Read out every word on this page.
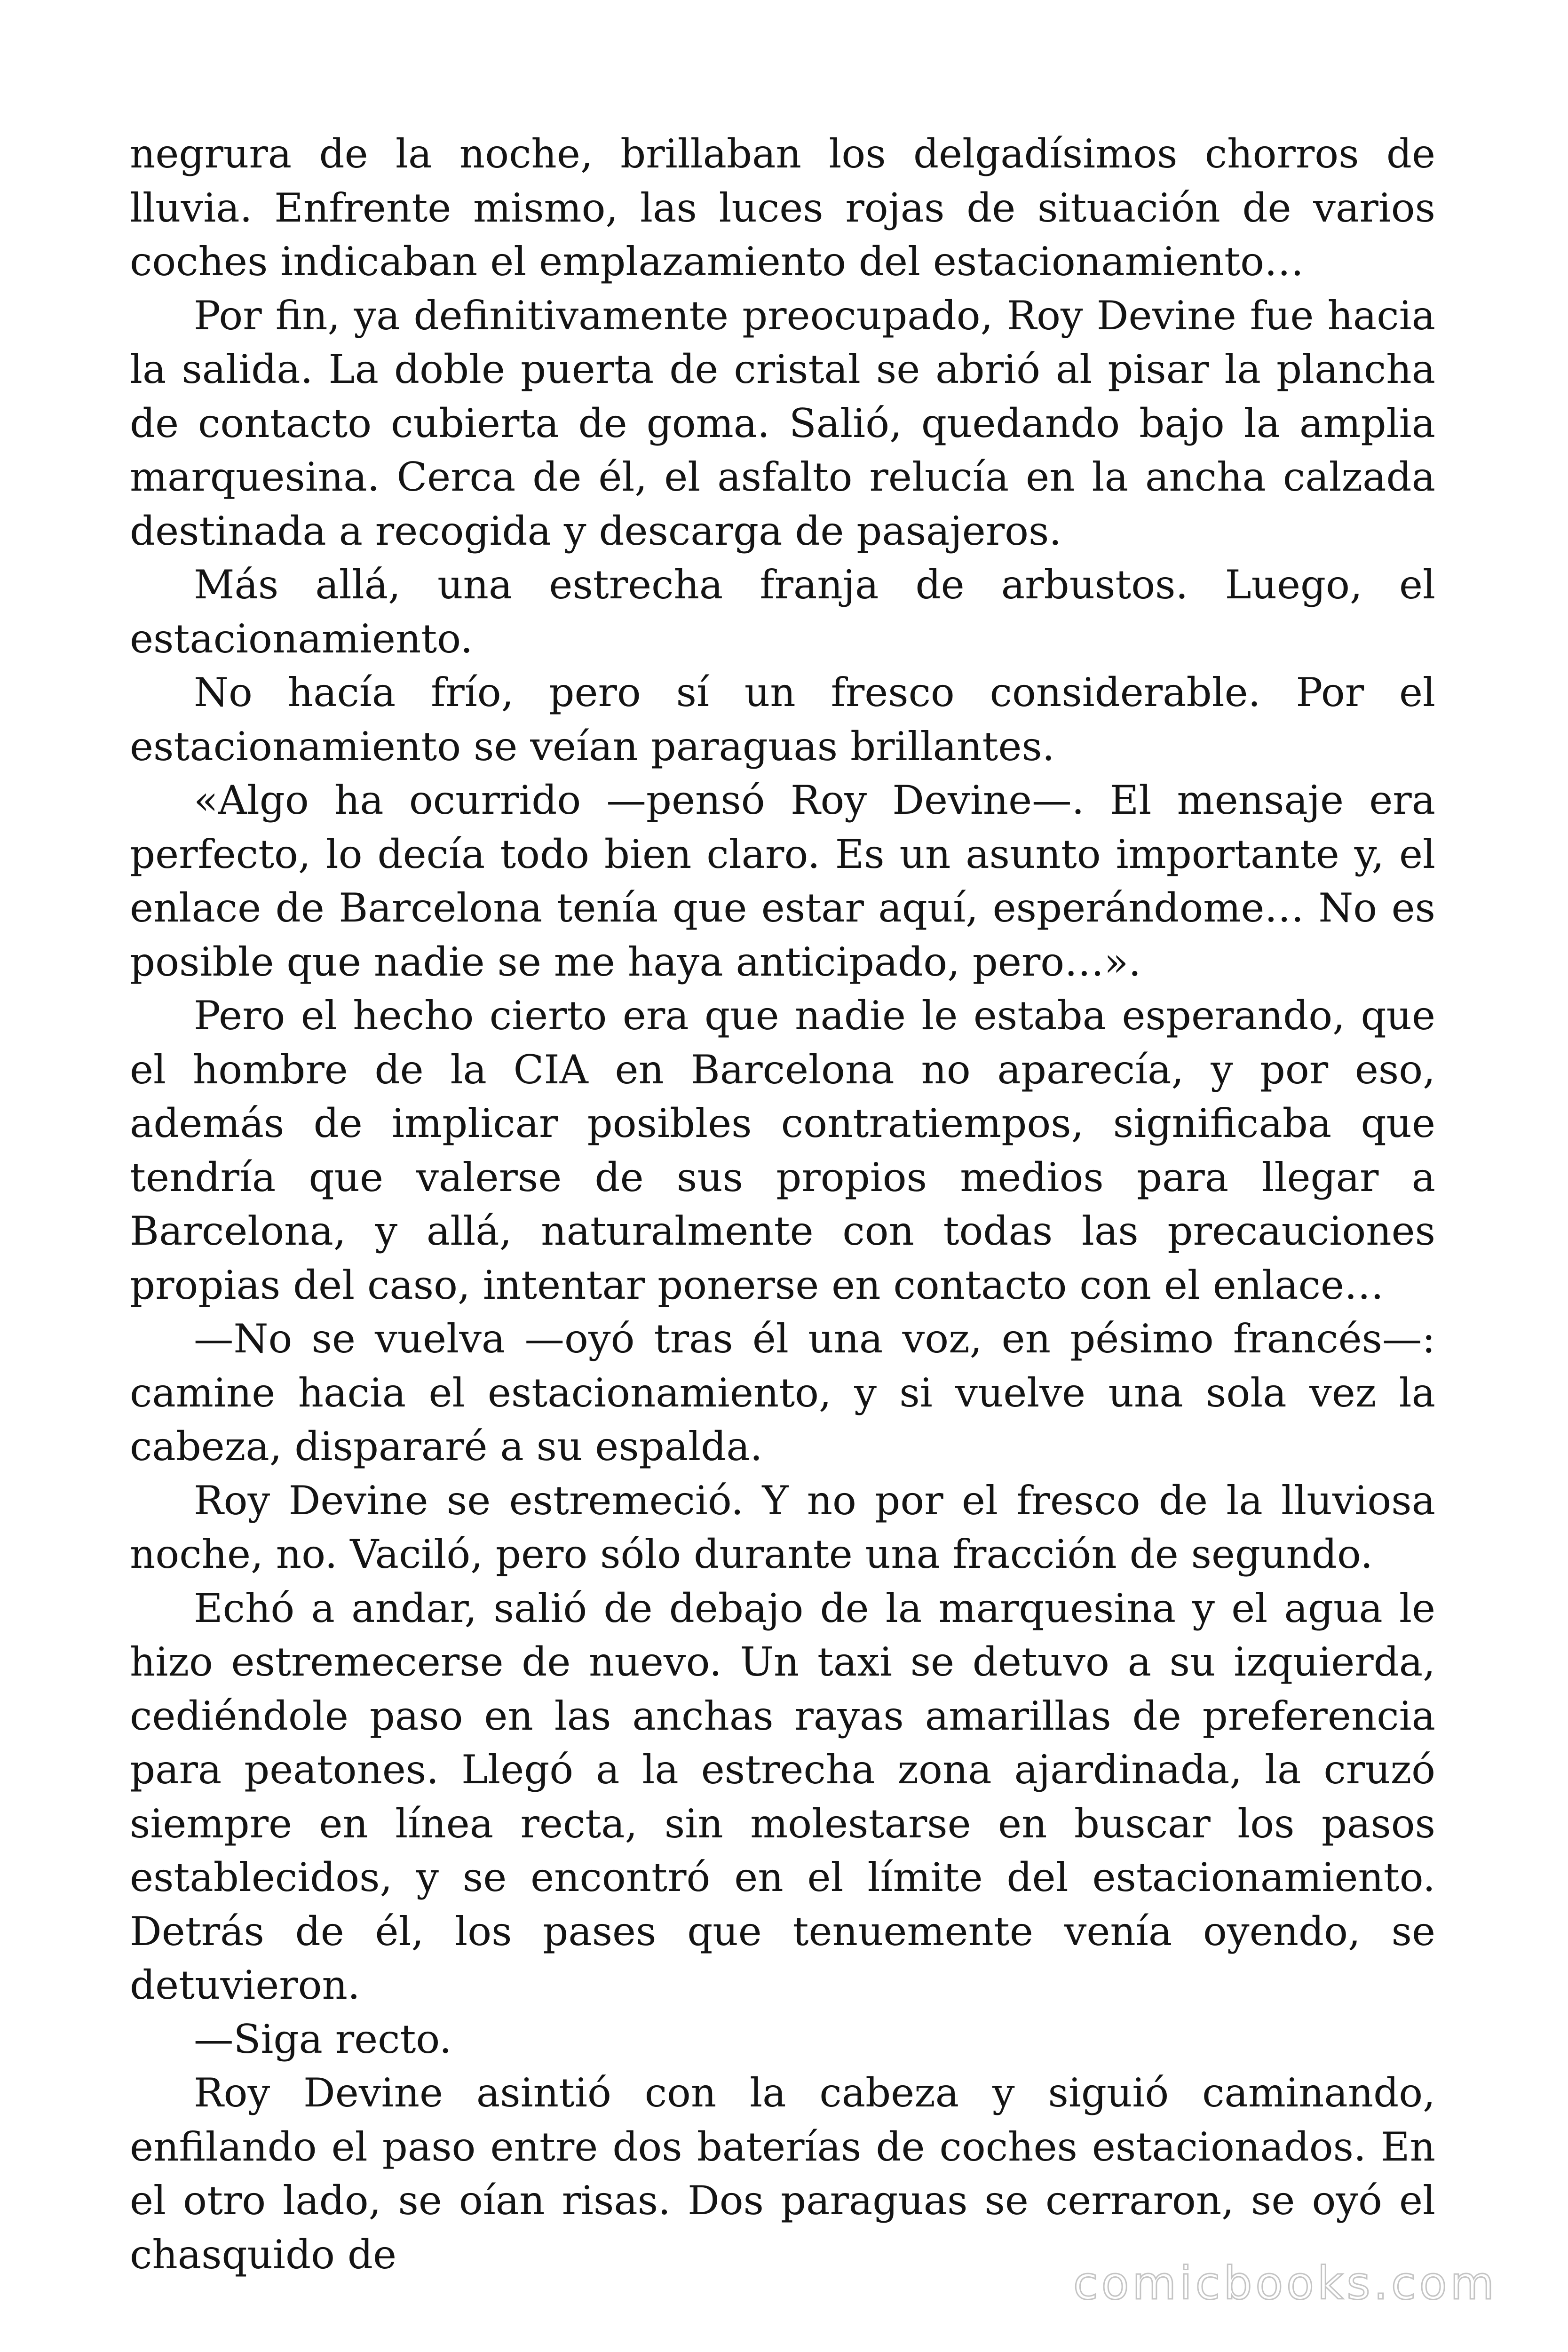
negrura de la noche, brillaban los delgadísimos chorros de lluvia. Enfrente mismo, las luces rojas de situación de varios coches indicaban el emplazamiento del estacionamiento…

Por fin, ya definitivamente preocupado, Roy Devine fue hacia la salida. La doble puerta de cristal se abrió al pisar la plancha de contacto cubierta de goma. Salió, quedando bajo la amplia marquesina. Cerca de él, el asfalto relucía en la ancha calzada destinada a recogida y descarga de pasajeros.

Más allá, una estrecha franja de arbustos. Luego, el estacionamiento.

No hacía frío, pero sí un fresco considerable. Por el estacionamiento se veían paraguas brillantes.

«Algo ha ocurrido —pensó Roy Devine—. El mensaje era perfecto, lo decía todo bien claro. Es un asunto importante y, el enlace de Barcelona tenía que estar aquí, esperándome… No es posible que nadie se me haya anticipado, pero…».

Pero el hecho cierto era que nadie le estaba esperando, que el hombre de la CIA en Barcelona no aparecía, y por eso, además de implicar posibles contratiempos, significaba que tendría que valerse de sus propios medios para llegar a Barcelona, y allá, naturalmente con todas las precauciones propias del caso, intentar ponerse en contacto con el enlace…

—No se vuelva —oyó tras él una voz, en pésimo francés—: camine hacia el estacionamiento, y si vuelve una sola vez la cabeza, dispararé a su espalda.

Roy Devine se estremeció. Y no por el fresco de la lluviosa noche, no. Vaciló, pero sólo durante una fracción de segundo.

Echó a andar, salió de debajo de la marquesina y el agua le hizo estremecerse de nuevo. Un taxi se detuvo a su izquierda, cediéndole paso en las anchas rayas amarillas de preferencia para peatones. Llegó a la estrecha zona ajardinada, la cruzó siempre en línea recta, sin molestarse en buscar los pasos establecidos, y se encontró en el límite del estacionamiento. Detrás de él, los pases que tenuemente venía oyendo, se detuvieron.

—Siga recto.

Roy Devine asintió con la cabeza y siguió caminando, enfilando el paso entre dos baterías de coches estacionados. En el otro lado, se oían risas. Dos paraguas se cerraron, se oyó el chasquido de

comicbooks.com
